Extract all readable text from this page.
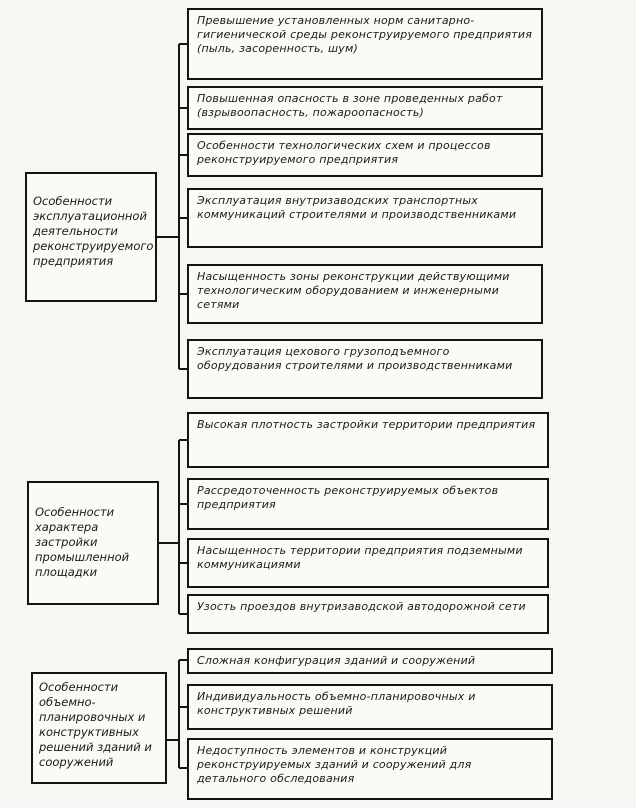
Особенности эксплуатационной деятельности реконструируемого предприятия
Превышение установленных норм санитарно-гигиенической среды реконструируемого предприятия (пыль, засоренность, шум)
Повышенная опасность в зоне проведенных работ (взрывоопасность, пожароопасность)
Особенности технологических схем и процессов реконструируемого предприятия
Эксплуатация внутризаводских транспортных коммуникаций строителями и производственниками
Насыщенность зоны реконструкции действующими технологическим оборудованием и инженерными сетями
Эксплуатация цехового грузоподъемного оборудования строителями и производственниками
Особенности характера застройки промышленной площадки
Высокая плотность застройки территории предприятия
Рассредоточенность реконструируемых объектов предприятия
Насыщенность территории предприятия подземными коммуникациями
Узость проездов внутризаводской автодорожной сети
Особенности объемно-планировочных и конструктивных решений зданий и сооружений
Сложная конфигурация зданий и сооружений
Индивидуальность объемно-планировочных и конструктивных решений
Недоступность элементов и конструкций реконструируемых зданий и сооружений для детального обследования
